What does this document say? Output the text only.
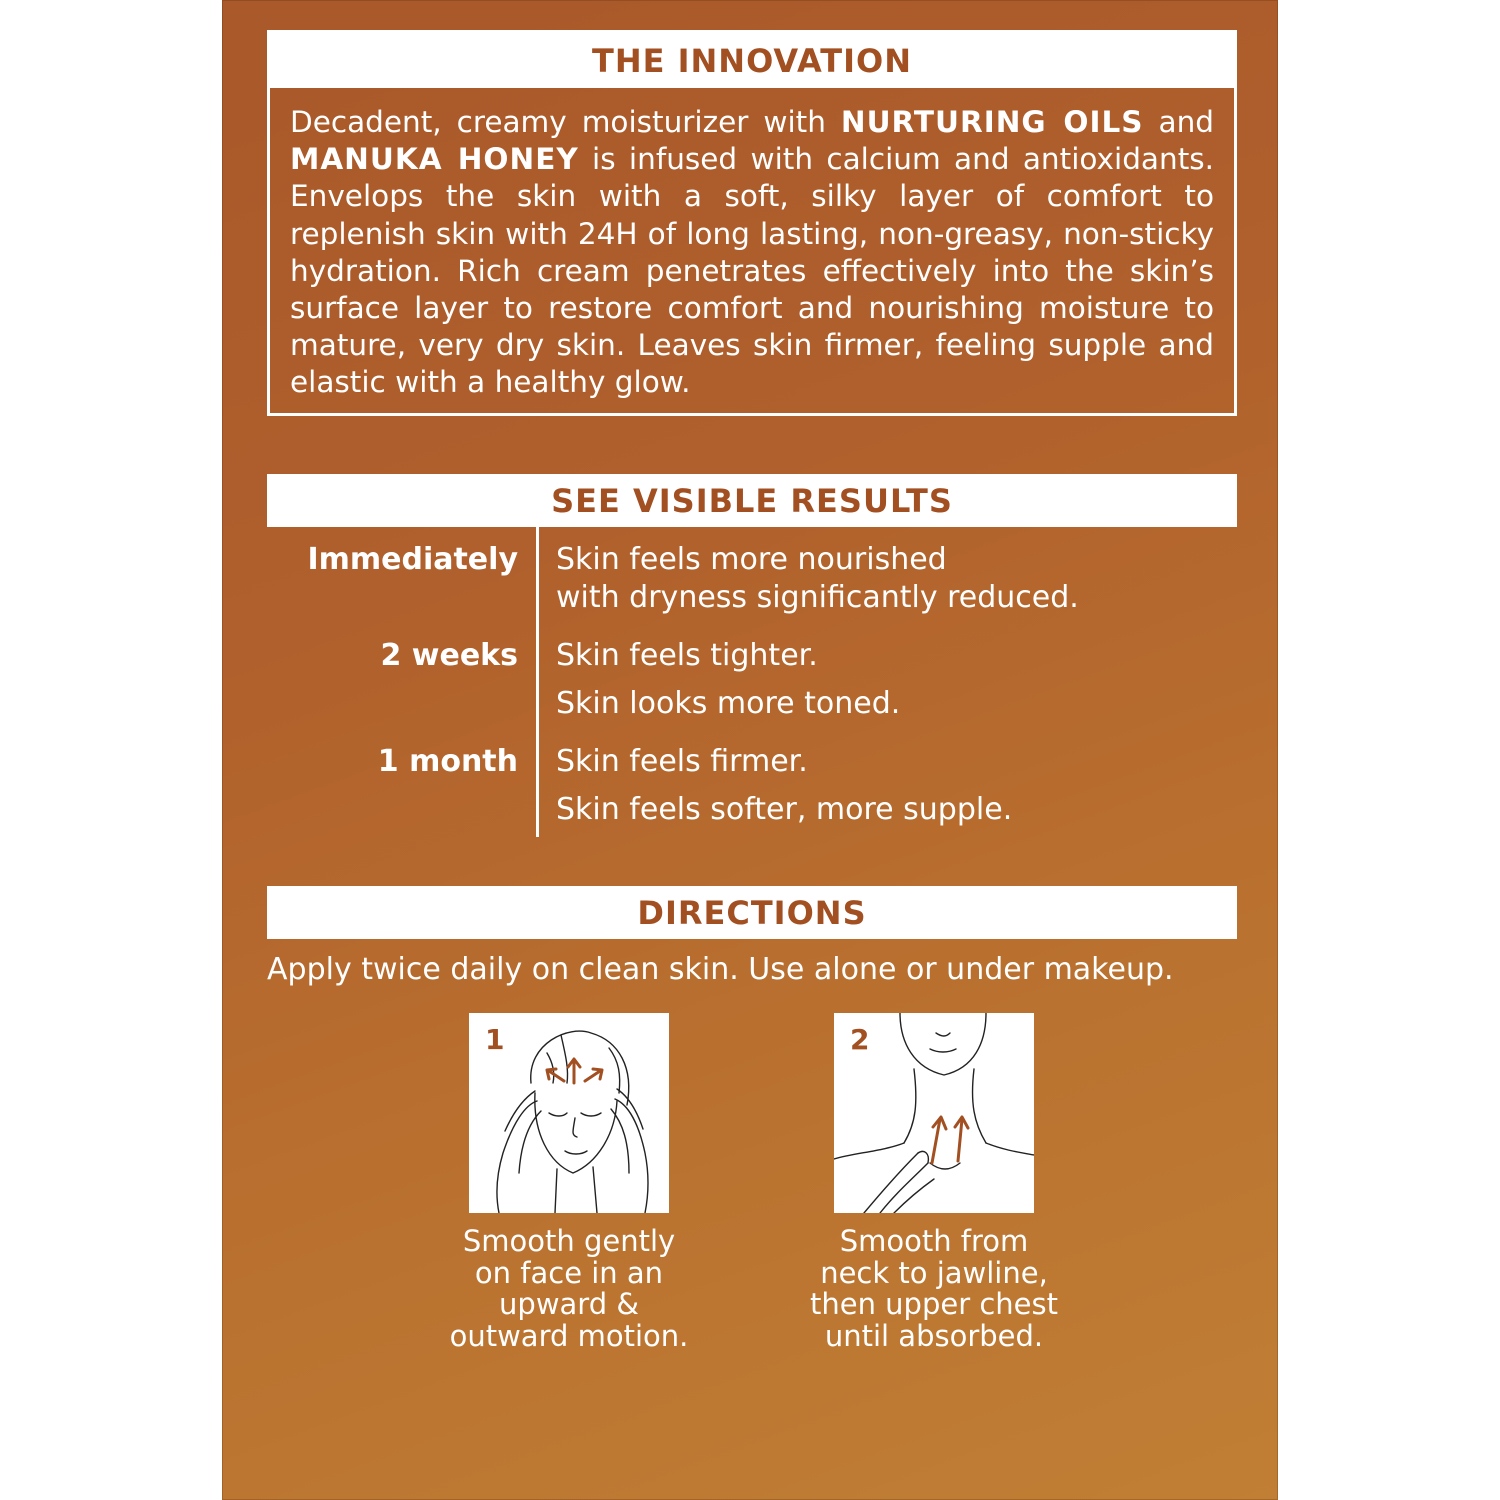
THE INNOVATION
Decadent, creamy moisturizer with NURTURING OILS and MANUKA HONEY is infused with calcium and antioxidants. Envelops the skin with a soft, silky layer of comfort to replenish skin with 24H of long lasting, non-greasy, non-sticky hydration. Rich cream penetrates effectively into the skin’s surface layer to restore comfort and nourishing moisture to mature, very dry skin. Leaves skin firmer, feeling supple and elastic with a healthy glow.
SEE VISIBLE RESULTS
Immediately Skin feels more nourished
with dryness significantly reduced.
2 weeks Skin feels tighter.
Skin looks more toned.
1 month Skin feels firmer.
Skin feels softer, more supple.
DIRECTIONS
Apply twice daily on clean skin. Use alone or under makeup.
1
Smooth gently
on face in an
upward &
outward motion.
2
Smooth from
neck to jawline,
then upper chest
until absorbed.
